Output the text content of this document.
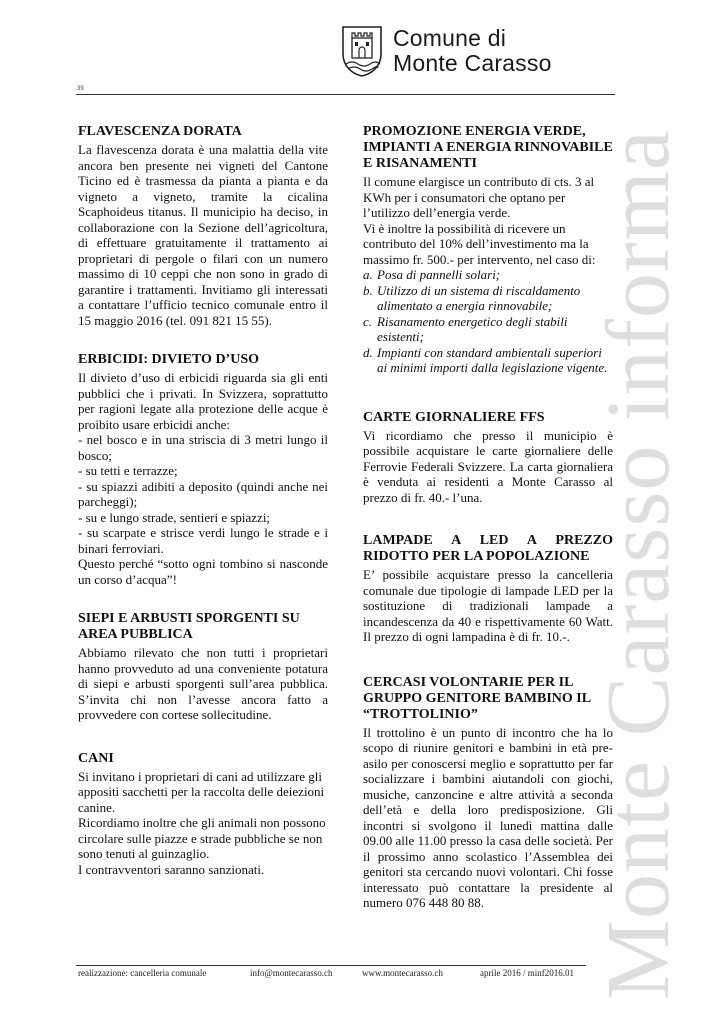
Comune di
Monte Carasso
39
Monte Carasso informa
FLAVESCENZA DORATA

La flavescenza dorata è una malattia della vite ancora ben presente nei vigneti del Cantone Ticino ed è trasmessa da pianta a pianta e da vigneto a vigneto, tramite la cicalina Scaphoideus titanus. Il municipio ha deciso, in collaborazione con la Sezione dell’agricoltura, di effettuare gratuitamente il trattamento ai proprietari di pergole o filari con un numero massimo di 10 ceppi che non sono in grado di garantire i trattamenti. Invitiamo gli interessati a contattare l’ufficio tecnico comunale entro il 15 maggio 2016 (tel. 091 821 15 55).

ERBICIDI: DIVIETO D’USO

Il divieto d’uso di erbicidi riguarda sia gli enti pubblici che i privati. In Svizzera, soprattutto per ragioni legate alla protezione delle acque è proibito usare erbicidi anche:

- nel bosco e in una striscia di 3 metri lungo il bosco;

- su tetti e terrazze;

- su spiazzi adibiti a deposito (quindi anche nei parcheggi);

- su e lungo strade, sentieri e spiazzi;

- su scarpate e strisce verdi lungo le strade e i binari ferroviari.

Questo perché “sotto ogni tombino si nasconde un corso d’acqua”!

SIEPI E ARBUSTI SPORGENTI SU AREA PUBBLICA

Abbiamo rilevato che non tutti i proprietari hanno provveduto ad una conveniente potatura di siepi e arbusti sporgenti sull’area pubblica. S’invita chi non l’avesse ancora fatto a provvedere con cortese sollecitudine.

CANI

Si invitano i proprietari di cani ad utilizzare gli appositi sacchetti per la raccolta delle deiezioni canine.

Ricordiamo inoltre che gli animali non possono circolare sulle piazze e strade pubbliche se non sono tenuti al guinzaglio.

I contravventori saranno sanzionati.

PROMOZIONE ENERGIA VERDE, IMPIANTI A ENERGIA RINNOVABILE E RISANAMENTI

Il comune elargisce un contributo di cts. 3 al KWh per i consumatori che optano per l’utilizzo dell’energia verde.

Vi è inoltre la possibilità di ricevere un contributo del 10% dell’investimento ma la massimo fr. 500.- per intervento, nel caso di:

a. Posa di pannelli solari;
b. Utilizzo di un sistema di riscaldamento alimentato a energia rinnovabile;
c. Risanamento energetico degli stabili esistenti;
d. Impianti con standard ambientali superiori ai minimi importi dalla legislazione vigente.
CARTE GIORNALIERE FFS

Vi ricordiamo che presso il municipio è possibile acquistare le carte giornaliere delle Ferrovie Federali Svizzere. La carta giornaliera è venduta ai residenti a Monte Carasso al prezzo di fr. 40.- l’una.

LAMPADE A LED A PREZZO RIDOTTO PER LA POPOLAZIONE

E’ possibile acquistare presso la cancelleria comunale due tipologie di lampade LED per la sostituzione di tradizionali lampade a incandescenza da 40 e rispettivamente 60 Watt. Il prezzo di ogni lampadina è di fr. 10.-.

CERCASI VOLONTARIE PER IL GRUPPO GENITORE BAMBINO IL “TROTTOLINIO”

Il trottolino è un punto di incontro che ha lo scopo di riunire genitori e bambini in età pre-asilo per conoscersi meglio e soprattutto per far socializzare i bambini aiutandoli con giochi, musiche, canzoncine e altre attività a seconda dell’età e della loro predisposizione. Gli incontri si svolgono il lunedì mattina dalle 09.00 alle 11.00 presso la casa delle società. Per il prossimo anno scolastico l’Assemblea dei genitori sta cercando nuovi volontari. Chi fosse interessato può contattare la presidente al numero 076 448 80 88.

realizzazione: cancelleria comunale	info@montecarasso.ch	www.montecarasso.ch	aprile 2016 / minf2016.01
